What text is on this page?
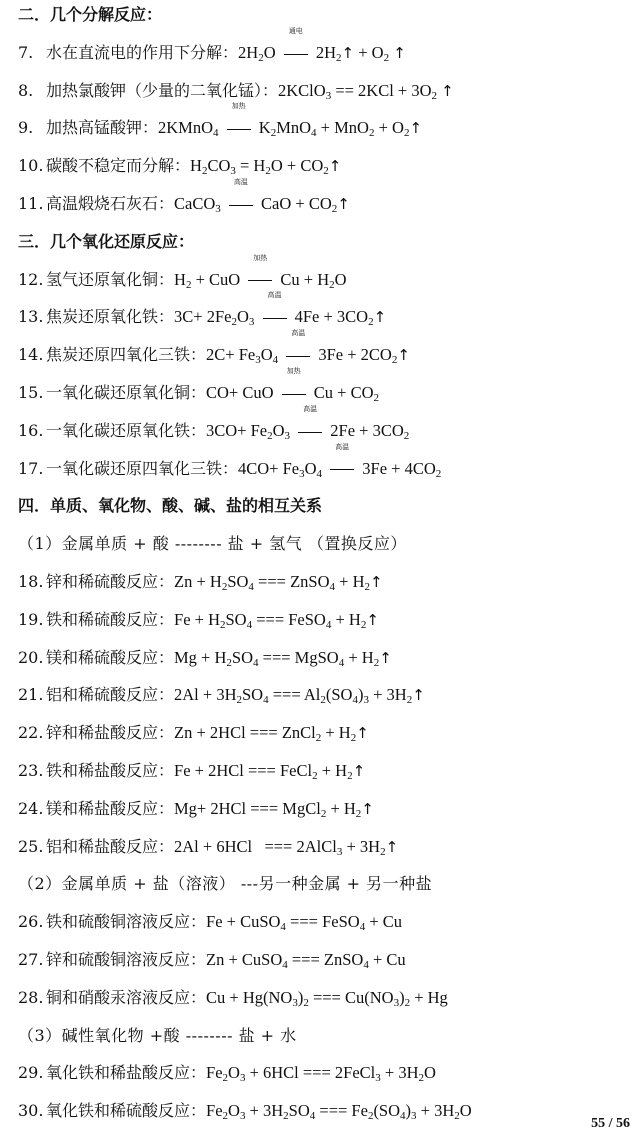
二．几个分解反应：
7. 水在直流电的作用下分解：$2H_2O$
通电
$2H_2↑ + O_2$ ↑
8. 加热氯酸钾（少量的二氧化锰）：2KClO$_3$ == $2KCl + 3O_2$ ↑
9. 加热高锰酸钾：2KMnO$_4$
加热
$K_2MnO_4 + MnO_2$ + $O_2↑$
10. 碳酸不稳定而分解：$H_2CO_3 = H_2O$ + $CO_2↑$
11. 高温煅烧石灰石：CaCO$_3$
高温
CaO + $CO_2↑$
三．几个氧化还原反应：
12. 氢气还原氧化铜：$H_2$ + CuO
加热
$Cu + H_2O$
13. 焦炭还原氧化铁：$3C+ 2Fe_2O_3$
高温
$4Fe + 3CO_2↑$
14. 焦炭还原四氧化三铁：$2C+ Fe_3O_4$
高温
$3Fe + 2CO_2↑$
15. 一氧化碳还原氧化铜：CO+ CuO
加热
$Cu + CO_2$
16. 一氧化碳还原氧化铁：$3CO+ Fe_2O_3$
高温
$2Fe + 3CO_2$
17. 一氧化碳还原四氧化三铁：$4CO+ Fe_3O_4$
高温
$3Fe + 4CO_2$
四．单质、氧化物、酸、碱、盐的相互关系
（1）金属单质 + 酸 -------- 盐 + 氢气 （置换反应）
18. 锌和稀硫酸反应：$Zn + H_2SO_4$ === ZnSO$_4$ + $H_2↑$
19. 铁和稀硫酸反应：$Fe + H_2SO_4$ === FeSO$_4$ + $H_2↑$
20. 镁和稀硫酸反应：$Mg + H_2SO_4$ === MgSO$_4$ + $H_2↑$
21. 铝和稀硫酸反应：$2Al + 3H_2SO_4$ === $Al_2(SO_4)_3$ + $3H_2↑$
22. 锌和稀盐酸反应：Zn + 2HCl === ZnCl$_2$ + $H_2↑$
23. 铁和稀盐酸反应：Fe + 2HCl === FeCl$_2$ + $H_2↑$
24. 镁和稀盐酸反应：Mg+ 2HCl === MgCl$_2$ + $H_2↑$
25. 铝和稀盐酸反应：2Al + 6HCl   === 2AlCl$_3$ + $3H_2↑$
（2）金属单质 + 盐（溶液） ---另一种金属 + 另一种盐
26. 铁和硫酸铜溶液反应：Fe + CuSO$_4$ === FeSO$_4$ + Cu
27. 锌和硫酸铜溶液反应：Zn + CuSO$_4$ === ZnSO$_4$ + Cu
28. 铜和硝酸汞溶液反应：$Cu + Hg(NO_3)_2$ === $Cu(NO_3)_2 + Hg$
（3）碱性氧化物 +酸 -------- 盐 + 水
29. 氧化铁和稀盐酸反应：$Fe_2O_3 + 6HCl$ === 2FeCl$_3$ + $3H_2O$
30. 氧化铁和稀硫酸反应：$Fe_2O_3 + 3H_2SO_4$ === $Fe_2(SO_4)_3 + 3H_2O$
55 / 56
